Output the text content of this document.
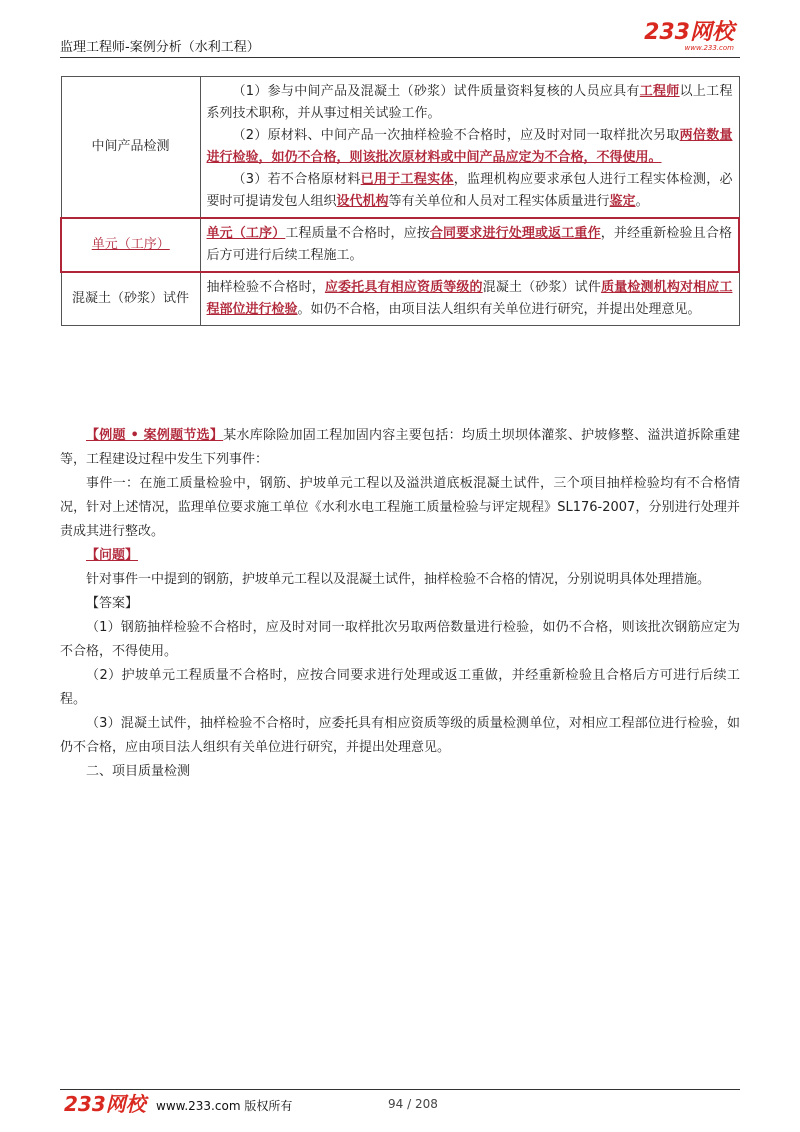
监理工程师-案例分析（水利工程）
233网校
www.233.com
中间产品检测	（1）参与中间产品及混凝土（砂浆）试件质量资料复核的人员应具有工程师以上工程系列技术职称，并从事过相关试验工作。
（2）原材料、中间产品一次抽样检验不合格时，应及时对同一取样批次另取两倍数量进行检验，如仍不合格，则该批次原材料或中间产品应定为不合格，不得使用。
（3）若不合格原材料已用于工程实体，监理机构应要求承包人进行工程实体检测，必要时可提请发包人组织设代机构等有关单位和人员对工程实体质量进行鉴定。

单元（工序）	单元（工序）工程质量不合格时，应按合同要求进行处理或返工重作，并经重新检验且合格后方可进行后续工程施工。
混凝土（砂浆）试件	抽样检验不合格时，应委托具有相应资质等级的混凝土（砂浆）试件质量检测机构对相应工程部位进行检验。如仍不合格，由项目法人组织有关单位进行研究，并提出处理意见。

【例题 • 案例题节选】某水库除险加固工程加固内容主要包括：均质土坝坝体灌浆、护坡修整、溢洪道拆除重建等，工程建设过程中发生下列事件：

事件一：在施工质量检验中，钢筋、护坡单元工程以及溢洪道底板混凝土试件，三个项目抽样检验均有不合格情况，针对上述情况，监理单位要求施工单位《水利水电工程施工质量检验与评定规程》SL176-2007，分别进行处理并责成其进行整改。

【问题】

针对事件一中提到的钢筋，护坡单元工程以及混凝土试件，抽样检验不合格的情况，分别说明具体处理措施。

【答案】

（1）钢筋抽样检验不合格时，应及时对同一取样批次另取两倍数量进行检验，如仍不合格，则该批次钢筋应定为不合格，不得使用。

（2）护坡单元工程质量不合格时，应按合同要求进行处理或返工重做，并经重新检验且合格后方可进行后续工程。

（3）混凝土试件，抽样检验不合格时，应委托具有相应资质等级的质量检测单位，对相应工程部位进行检验，如仍不合格，应由项目法人组织有关单位进行研究，并提出处理意见。

二、项目质量检测

233网校 www.233.com 版权所有	94 / 208
